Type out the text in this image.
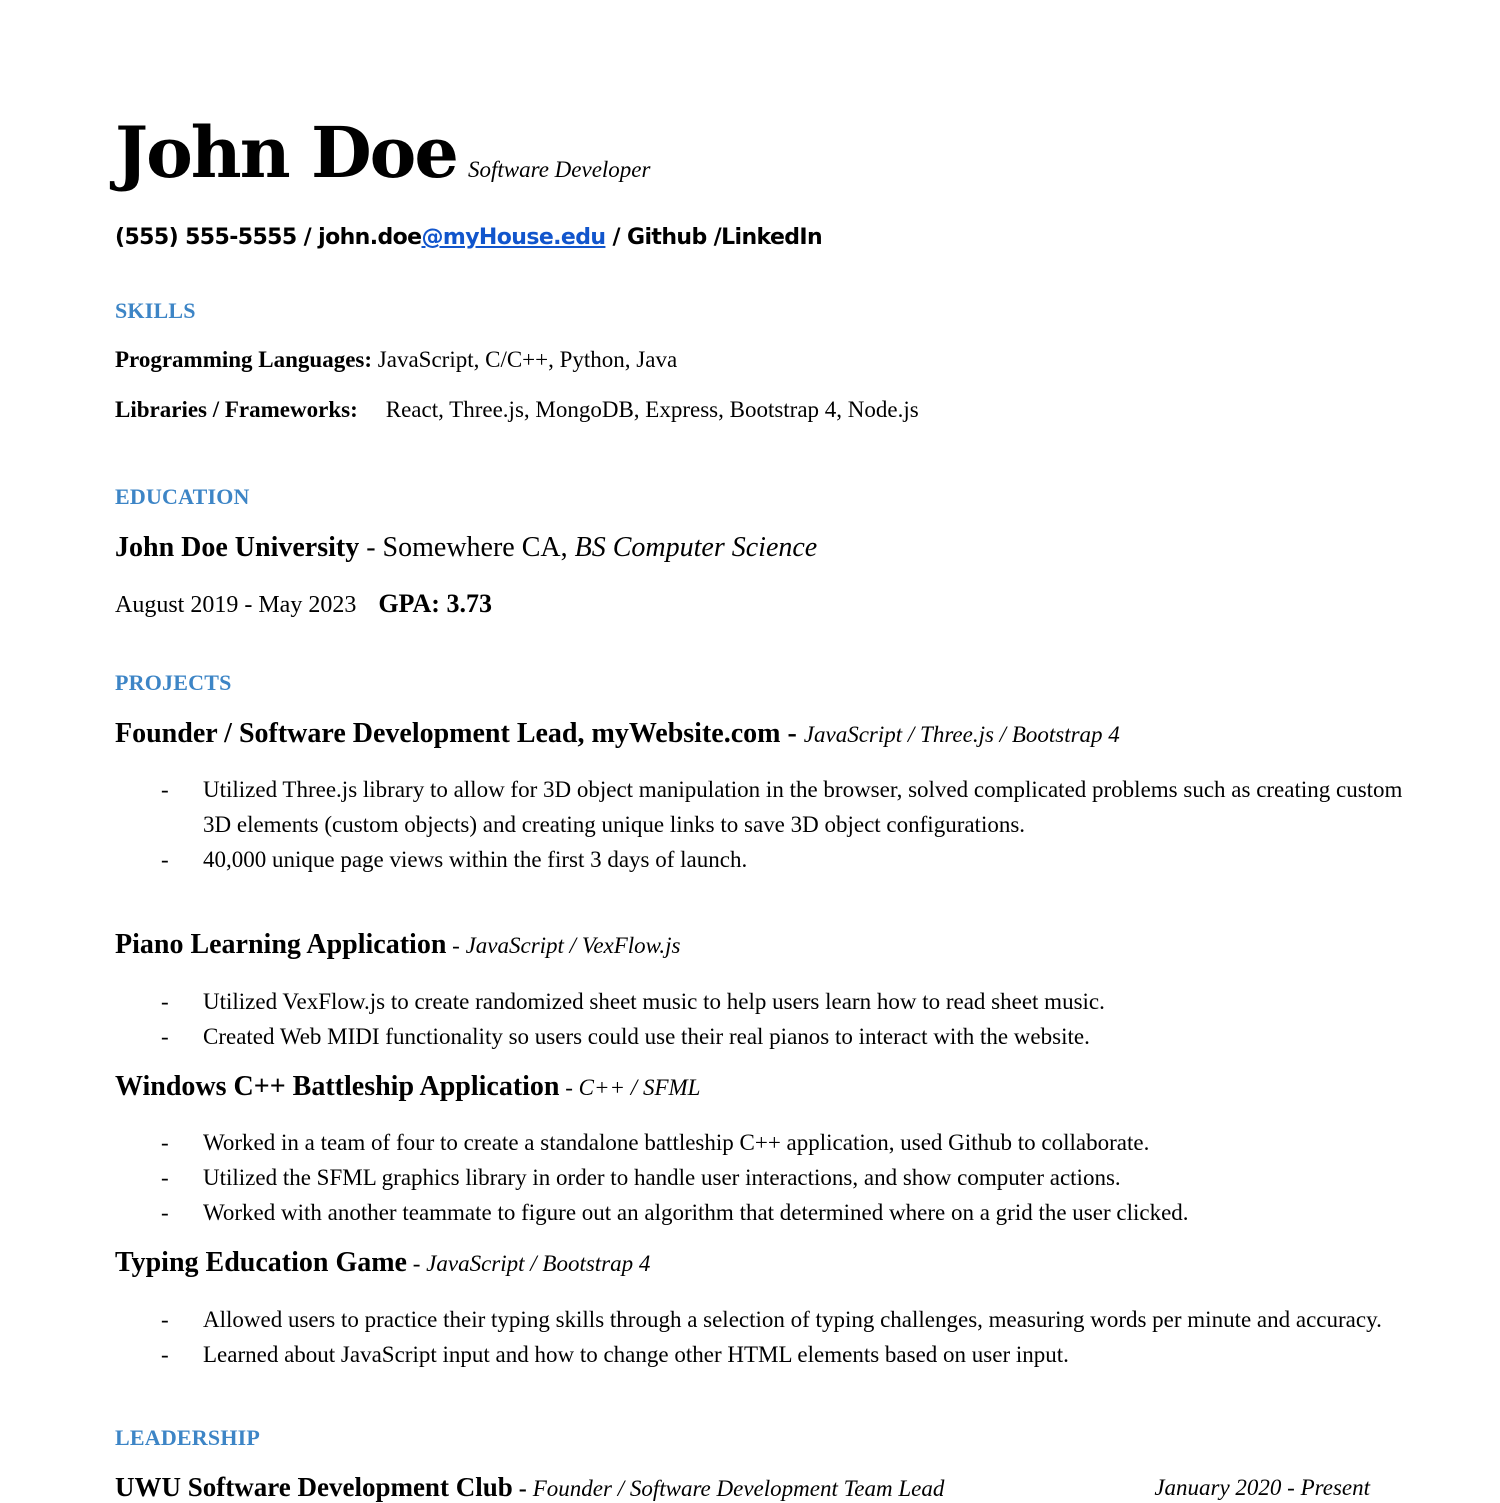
John Doe Software Developer
(555) 555-5555 / john.doe@myHouse.edu / Github /LinkedIn
SKILLS
Programming Languages: JavaScript, C/C++, Python, Java
Libraries / Frameworks: React, Three.js, MongoDB, Express, Bootstrap 4, Node.js
EDUCATION
John Doe University - Somewhere CA, BS Computer Science
August 2019 - May 2023 GPA: 3.73
PROJECTS
Founder / Software Development Lead, myWebsite.com - JavaScript / Three.js / Bootstrap 4
- Utilized Three.js library to allow for 3D object manipulation in the browser, solved complicated problems such as creating custom 3D elements (custom objects) and creating unique links to save 3D object configurations.
- 40,000 unique page views within the first 3 days of launch.
Piano Learning Application - JavaScript / VexFlow.js
- Utilized VexFlow.js to create randomized sheet music to help users learn how to read sheet music.
- Created Web MIDI functionality so users could use their real pianos to interact with the website.
Windows C++ Battleship Application - C++ / SFML
- Worked in a team of four to create a standalone battleship C++ application, used Github to collaborate.
- Utilized the SFML graphics library in order to handle user interactions, and show computer actions.
- Worked with another teammate to figure out an algorithm that determined where on a grid the user clicked.
Typing Education Game - JavaScript / Bootstrap 4
- Allowed users to practice their typing skills through a selection of typing challenges, measuring words per minute and accuracy.
- Learned about JavaScript input and how to change other HTML elements based on user input.
LEADERSHIP
UWU Software Development Club - Founder / Software Development Team Lead	January 2020 - Present
